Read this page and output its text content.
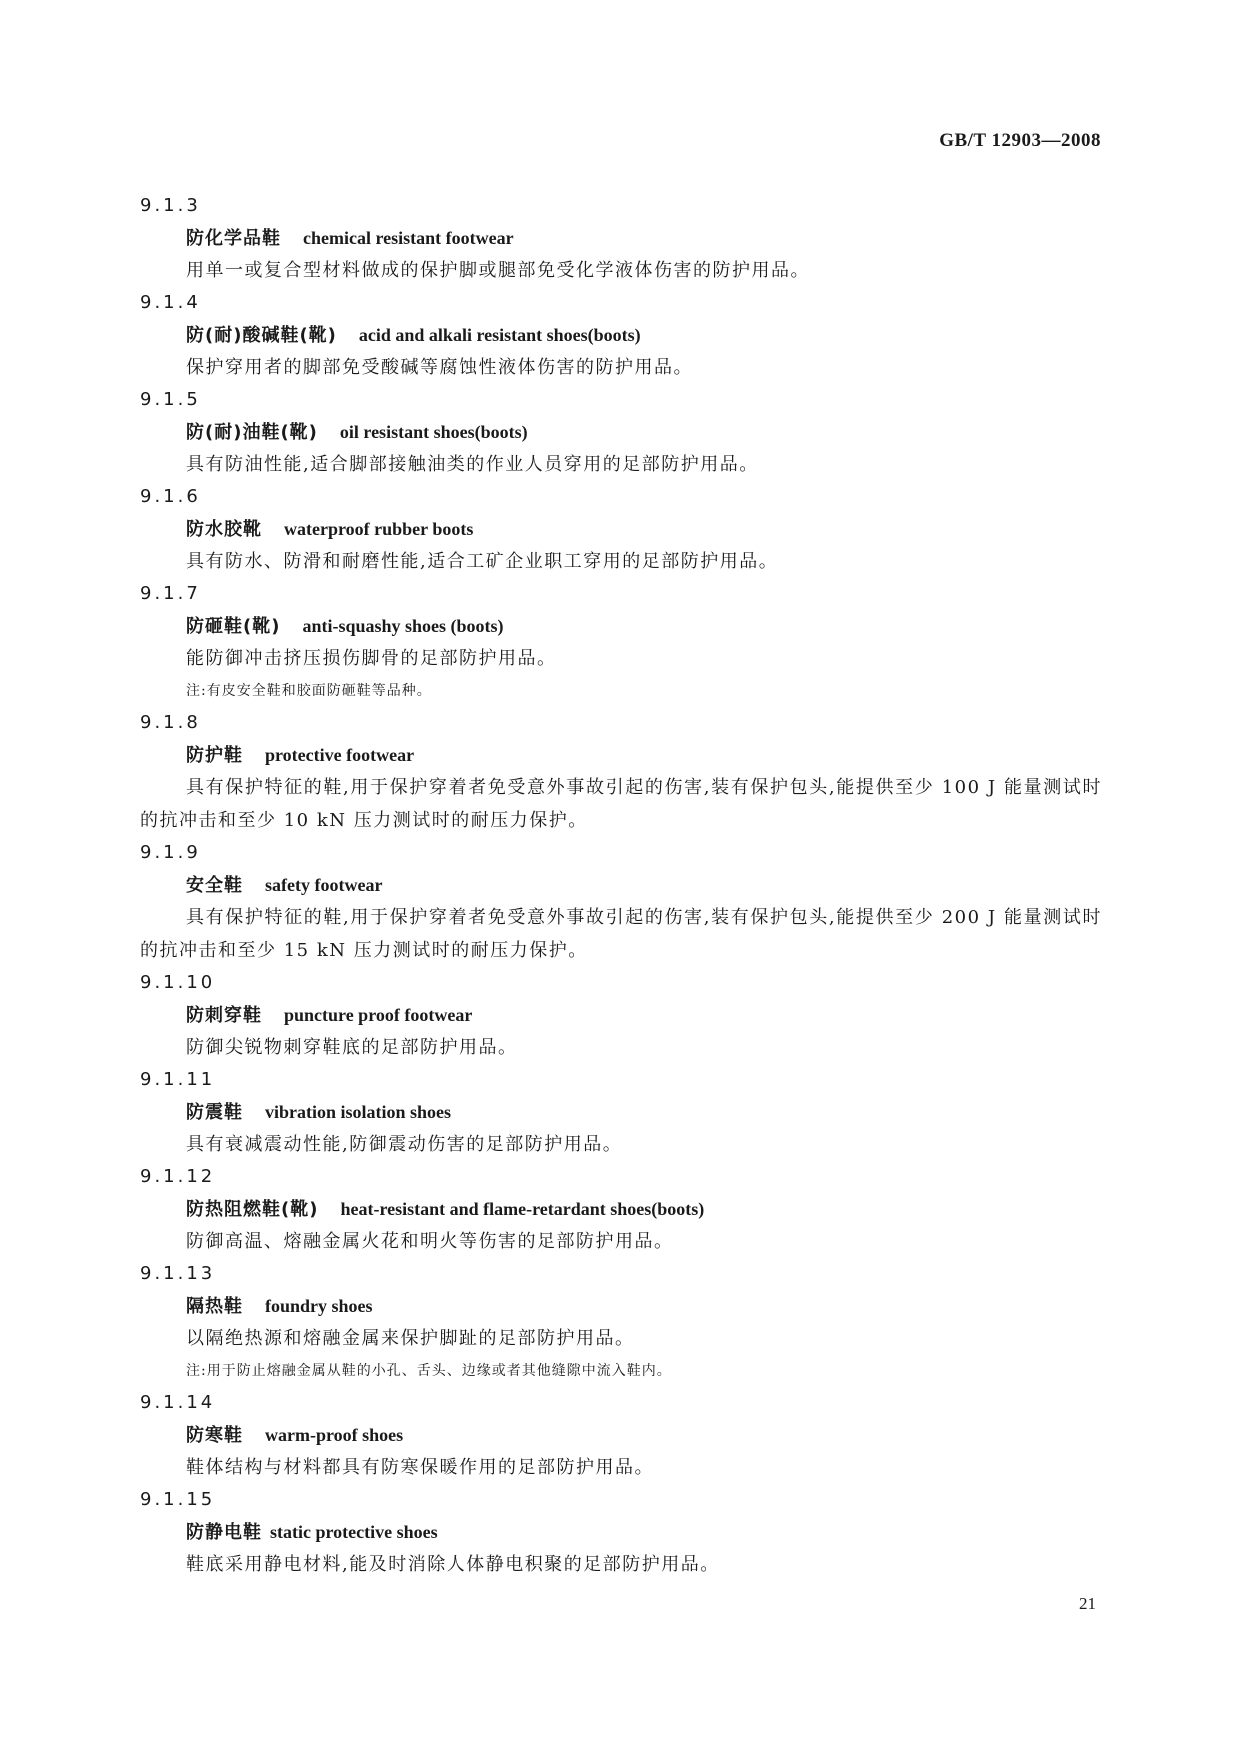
GB/T 12903—2008
9.1.3
防化学品鞋 chemical resistant footwear
用单一或复合型材料做成的保护脚或腿部免受化学液体伤害的防护用品。
9.1.4
防(耐)酸碱鞋(靴) acid and alkali resistant shoes(boots)
保护穿用者的脚部免受酸碱等腐蚀性液体伤害的防护用品。
9.1.5
防(耐)油鞋(靴) oil resistant shoes(boots)
具有防油性能,适合脚部接触油类的作业人员穿用的足部防护用品。
9.1.6
防水胶靴 waterproof rubber boots
具有防水、防滑和耐磨性能,适合工矿企业职工穿用的足部防护用品。
9.1.7
防砸鞋(靴) anti-squashy shoes (boots)
能防御冲击挤压损伤脚骨的足部防护用品。
注:有皮安全鞋和胶面防砸鞋等品种。
9.1.8
防护鞋 protective footwear
具有保护特征的鞋,用于保护穿着者免受意外事故引起的伤害,装有保护包头,能提供至少 100 J 能量测试时的抗冲击和至少 10 kN 压力测试时的耐压力保护。
9.1.9
安全鞋 safety footwear
具有保护特征的鞋,用于保护穿着者免受意外事故引起的伤害,装有保护包头,能提供至少 200 J 能量测试时的抗冲击和至少 15 kN 压力测试时的耐压力保护。
9.1.10
防刺穿鞋 puncture proof footwear
防御尖锐物刺穿鞋底的足部防护用品。
9.1.11
防震鞋 vibration isolation shoes
具有衰减震动性能,防御震动伤害的足部防护用品。
9.1.12
防热阻燃鞋(靴) heat-resistant and flame-retardant shoes(boots)
防御高温、熔融金属火花和明火等伤害的足部防护用品。
9.1.13
隔热鞋 foundry shoes
以隔绝热源和熔融金属来保护脚趾的足部防护用品。
注:用于防止熔融金属从鞋的小孔、舌头、边缘或者其他缝隙中流入鞋内。
9.1.14
防寒鞋 warm-proof shoes
鞋体结构与材料都具有防寒保暖作用的足部防护用品。
9.1.15
防静电鞋 static protective shoes
鞋底采用静电材料,能及时消除人体静电积聚的足部防护用品。
21
